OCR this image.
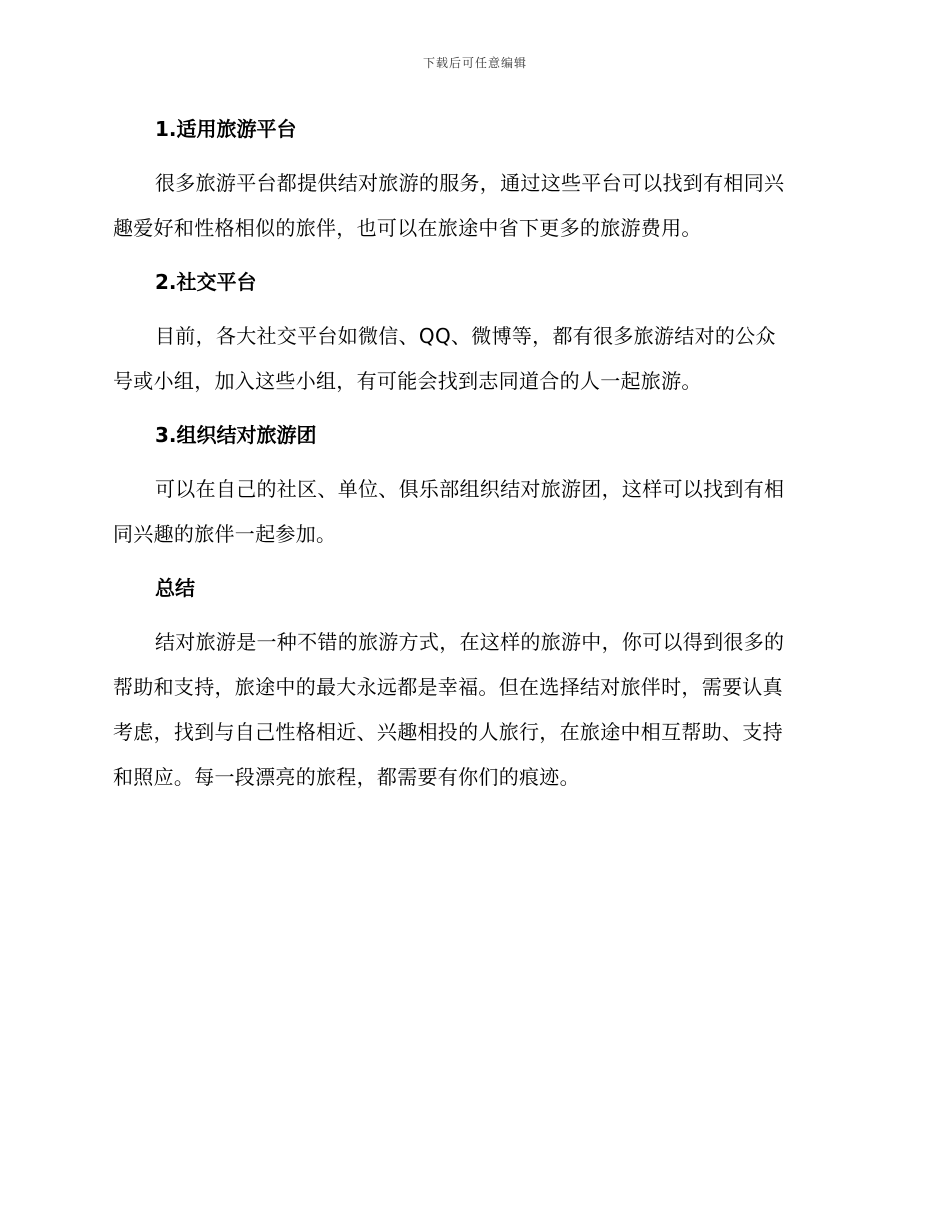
下载后可任意编辑
1.适用旅游平台

很多旅游平台都提供结对旅游的服务，通过这些平台可以找到有相同兴
趣爱好和性格相似的旅伴，也可以在旅途中省下更多的旅游费用。

2.社交平台

目前，各大社交平台如微信、QQ、微博等，都有很多旅游结对的公众
号或小组，加入这些小组，有可能会找到志同道合的人一起旅游。

3.组织结对旅游团

可以在自己的社区、单位、俱乐部组织结对旅游团，这样可以找到有相
同兴趣的旅伴一起参加。

总结

结对旅游是一种不错的旅游方式，在这样的旅游中，你可以得到很多的
帮助和支持，旅途中的最大永远都是幸福。但在选择结对旅伴时，需要认真
考虑，找到与自己性格相近、兴趣相投的人旅行，在旅途中相互帮助、支持
和照应。每一段漂亮的旅程，都需要有你们的痕迹。
